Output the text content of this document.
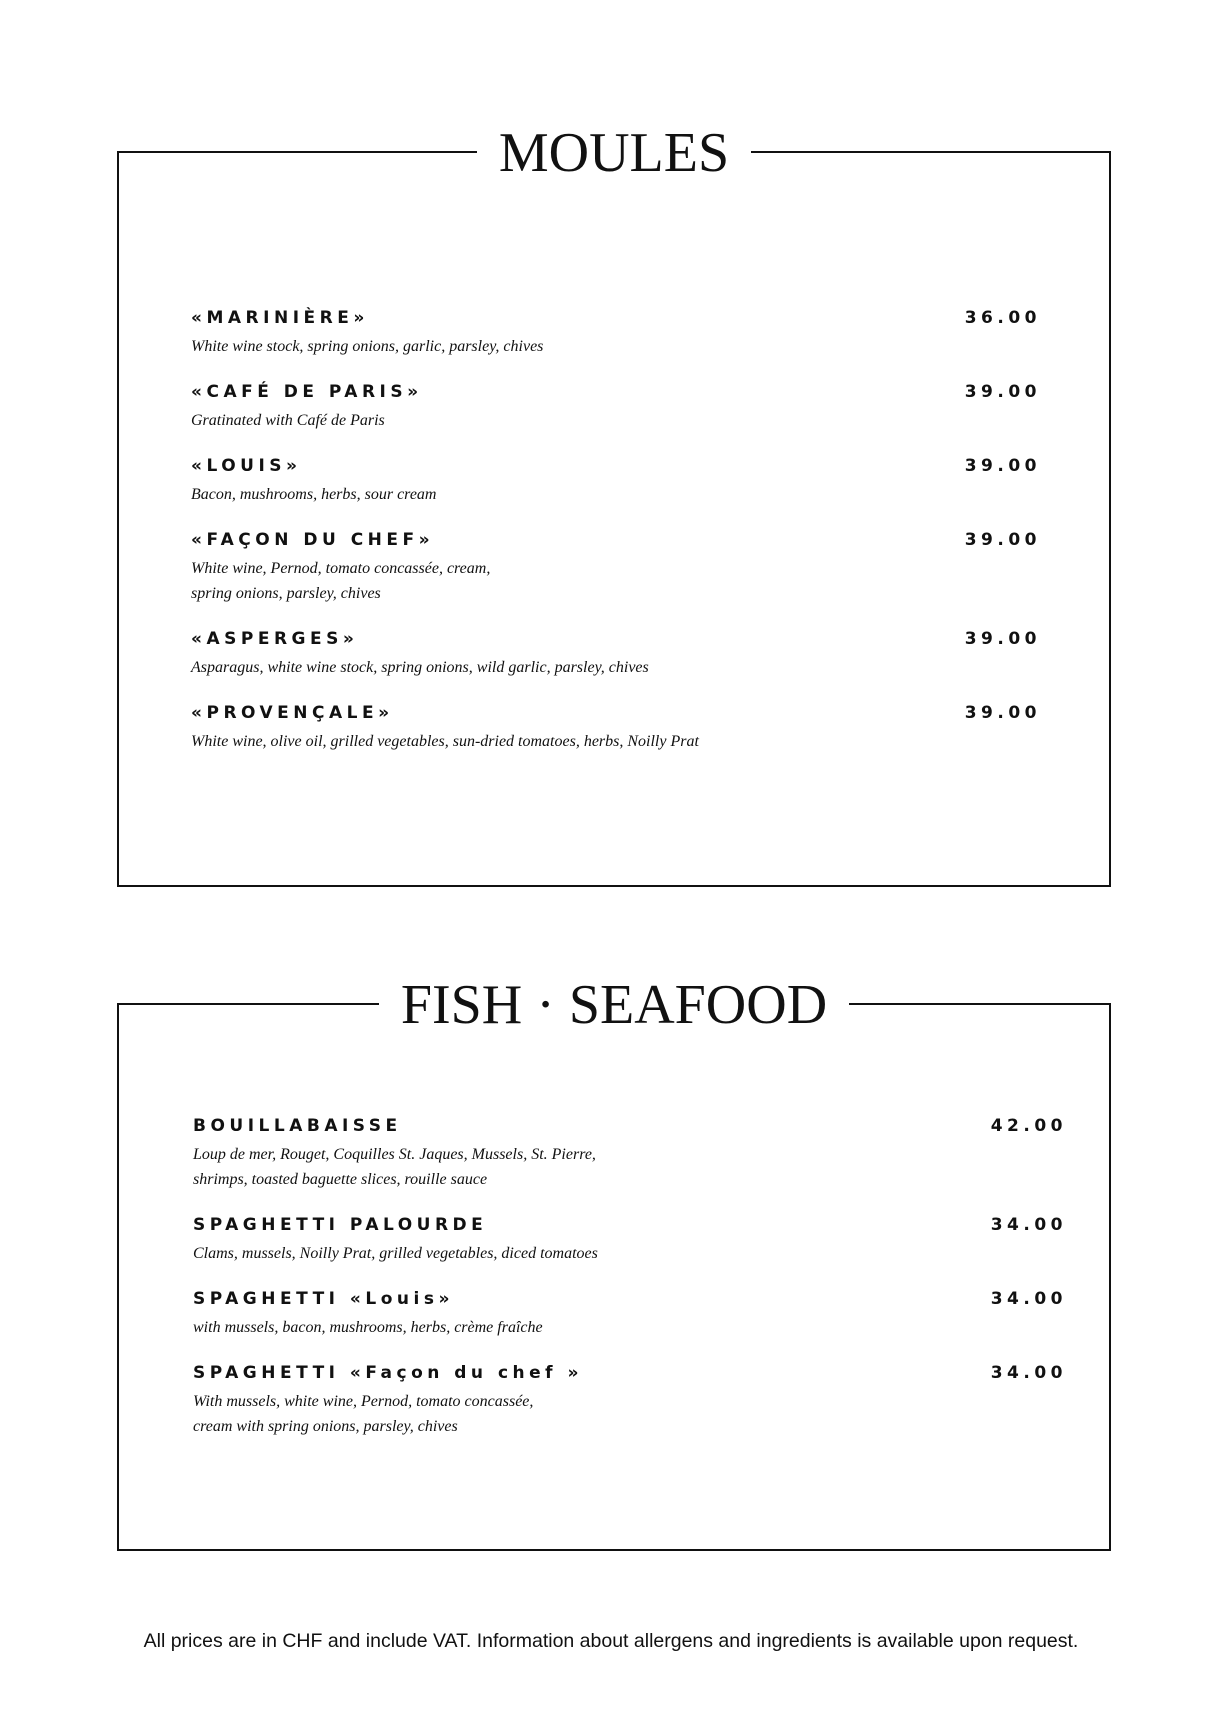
MOULES
«MARINIÈRE»	36.00
White wine stock, spring onions, garlic, parsley, chives
«CAFÉ DE PARIS»	39.00
Gratinated with Café de Paris
«LOUIS»	39.00
Bacon, mushrooms, herbs, sour cream
«FAÇON DU CHEF»	39.00
White wine, Pernod, tomato concassée, cream,
spring onions, parsley, chives
«ASPERGES»	39.00
Asparagus, white wine stock, spring onions, wild garlic, parsley, chives
«PROVENÇALE»	39.00
White wine, olive oil, grilled vegetables, sun-dried tomatoes, herbs, Noilly Prat
FISH · SEAFOOD
BOUILLABAISSE	42.00
Loup de mer, Rouget, Coquilles St. Jaques, Mussels, St. Pierre,
shrimps, toasted baguette slices, rouille sauce
SPAGHETTI PALOURDE	34.00
Clams, mussels, Noilly Prat, grilled vegetables, diced tomatoes
SPAGHETTI «Louis»	34.00
with mussels, bacon, mushrooms, herbs, crème fraîche
SPAGHETTI «Façon du chef »	34.00
With mussels, white wine, Pernod, tomato concassée,
cream with spring onions, parsley, chives
All prices are in CHF and include VAT. Information about allergens and ingredients is available upon request.
